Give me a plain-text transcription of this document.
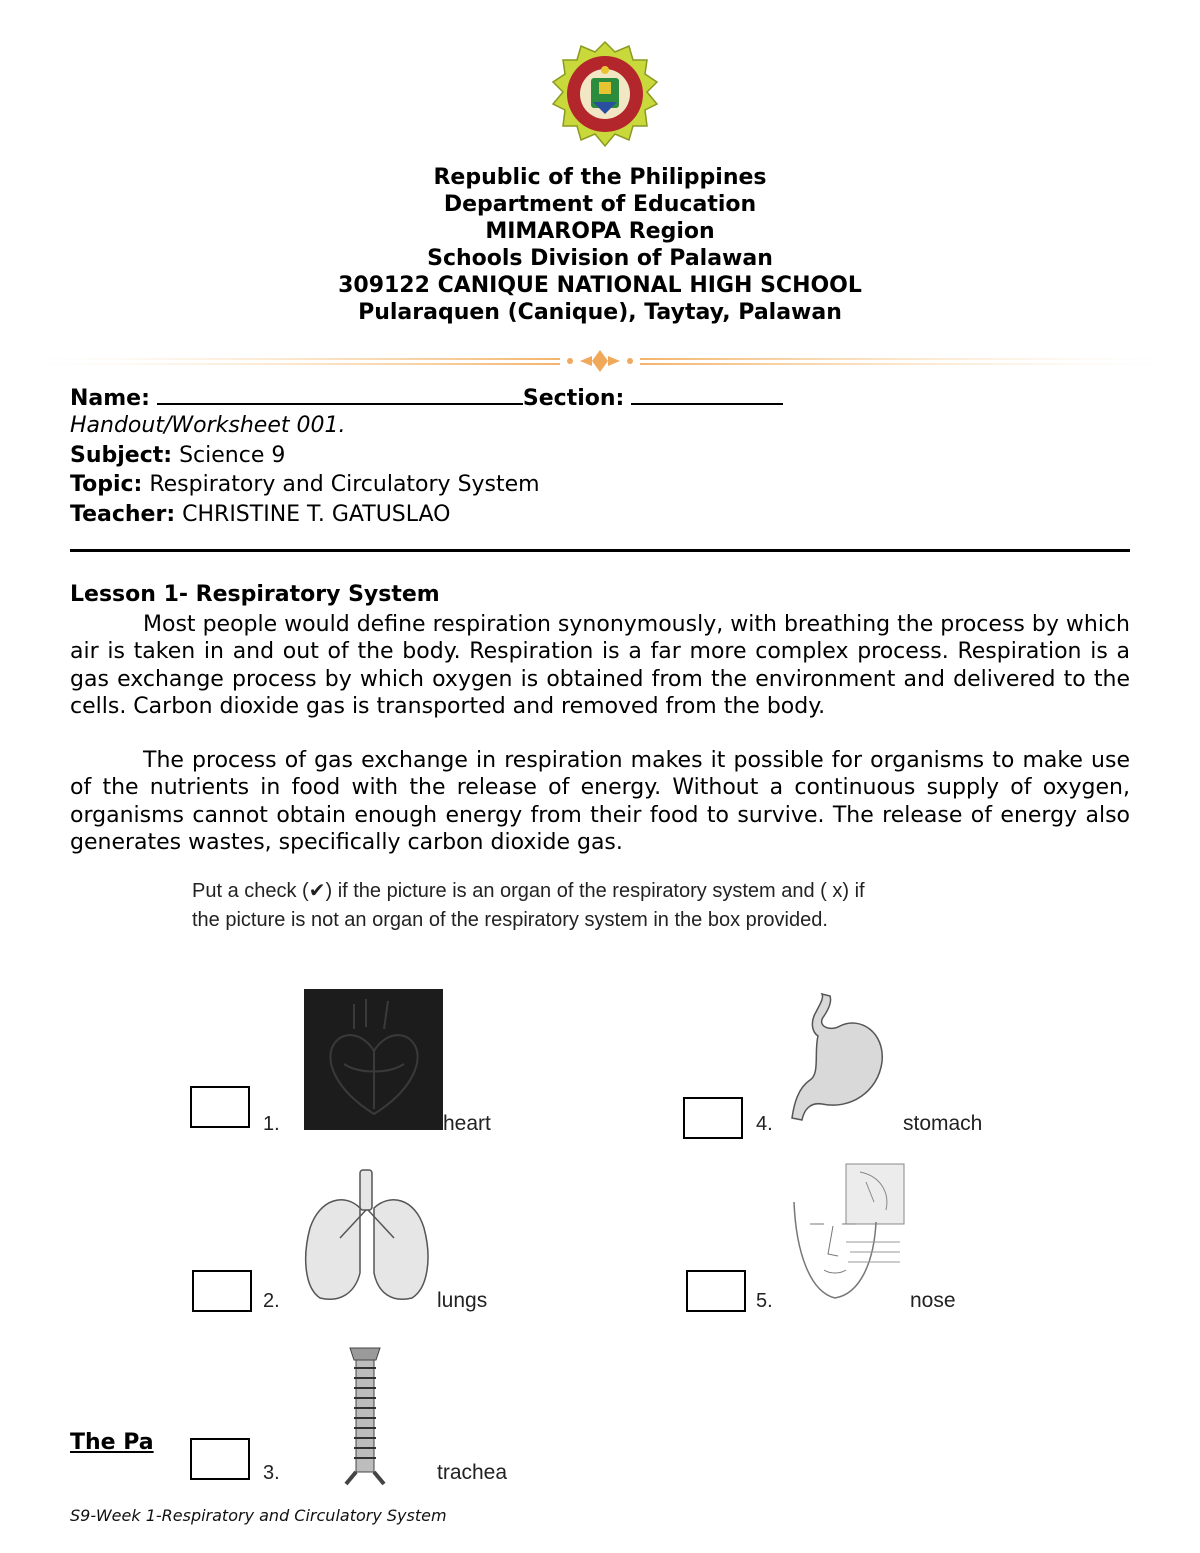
Republic of the Philippines
Department of Education
MIMAROPA Region
Schools Division of Palawan
309122 CANIQUE NATIONAL HIGH SCHOOL
Pularaquen (Canique), Taytay, Palawan
Name:	Section:
Handout/Worksheet 001.
Subject: Science 9
Topic: Respiratory and Circulatory System
Teacher: CHRISTINE T. GATUSLAO
Lesson 1- Respiratory System

Most people would define respiration synonymously, with breathing the process by which air is taken in and out of the body. Respiration is a far more complex process. Respiration is a gas exchange process by which oxygen is obtained from the environment and delivered to the cells. Carbon dioxide gas is transported and removed from the body.

The process of gas exchange in respiration makes it possible for organisms to make use of the nutrients in food with the release of energy. Without a continuous supply of oxygen, organisms cannot obtain enough energy from their food to survive. The release of energy also generates wastes, specifically carbon dioxide gas.

Put a check (✔) if the picture is an organ of the respiratory system and ( x) if
the picture is not an organ of the respiratory system in the box provided.
1.	heart
2.	lungs
3.	trachea
4.	stomach
5.	nose
The Pa
S9-Week 1-Respiratory and Circulatory System
